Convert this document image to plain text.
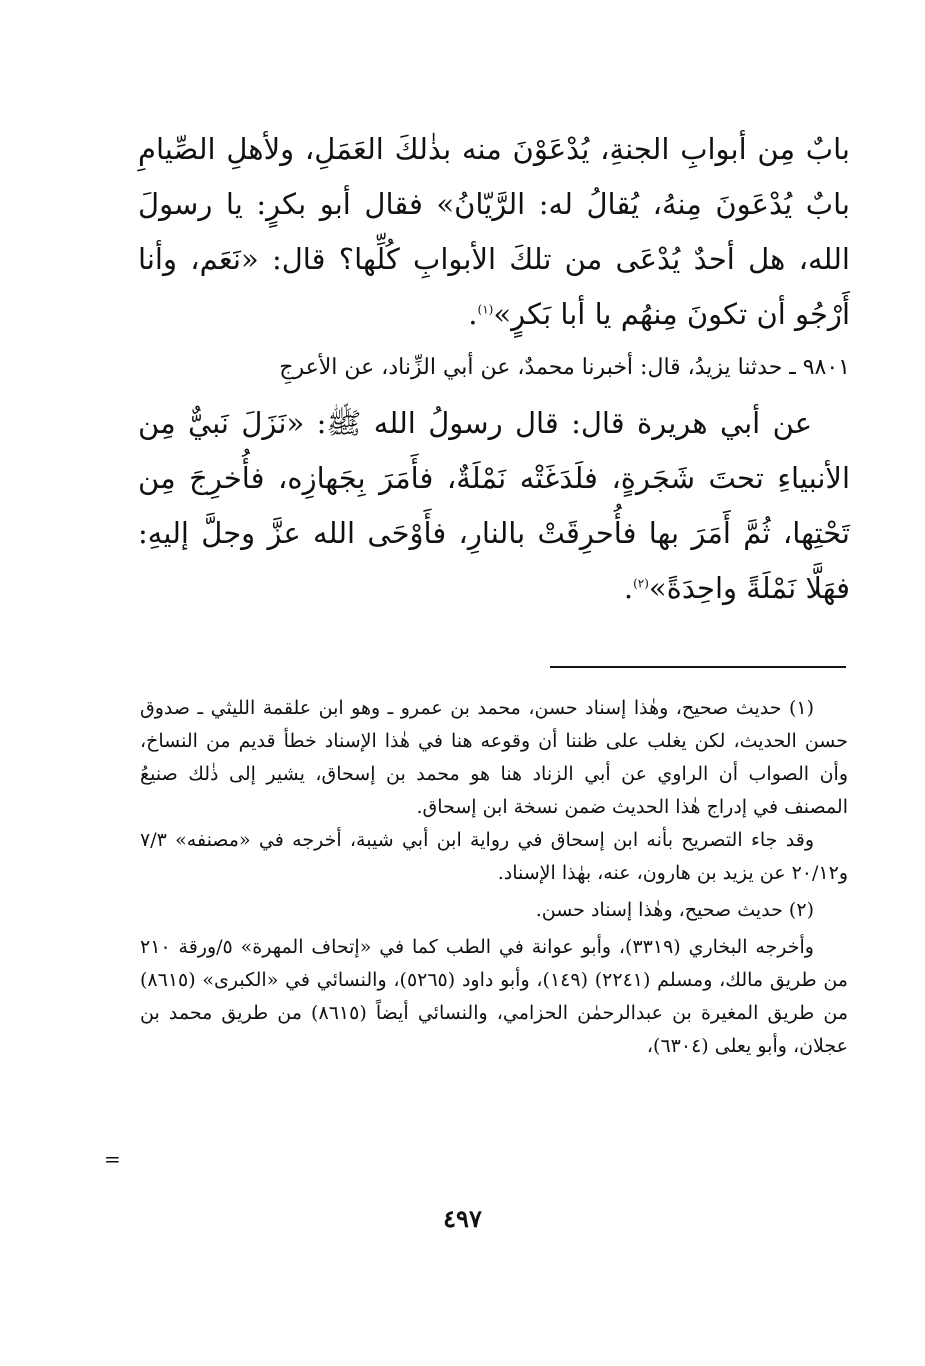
بابٌ مِن أبوابِ الجنةِ، يُدْعَوْنَ منه بذٰلكَ العَمَلِ، ولأهلِ الصِّيامِ بابٌ يُدْعَونَ مِنهُ، يُقالُ له: الرَّيّانُ» فقال أبو بكرٍ: يا رسولَ الله، هل أحدٌ يُدْعَى من تلكَ الأبوابِ كُلِّها؟ قال: «نَعَم، وأنا أَرْجُو أن تكونَ مِنهُم يا أبا بَكرٍ»$^{(١)}$.

٩٨٠١ ـ حدثنا يزيدُ، قال: أخبرنا محمدٌ، عن أبي الزِّناد، عن الأعرجِ

عن أبي هريرة قال: قال رسولُ الله ﷺ: «نَزَلَ نَبيٌّ مِن الأنبياءِ تحتَ شَجَرةٍ، فلَدَغَتْه نَمْلَةٌ، فأَمَرَ بِجَهازِه، فأُخرِجَ مِن تَحْتِها، ثُمَّ أَمَرَ بها فأُحرِقَتْ بالنارِ، فأَوْحَى الله عزَّ وجلَّ إليهِ: فهَلَّا نَمْلَةً واحِدَةً»$^{(٢)}$.

(١) حديث صحيح، وهٰذا إسناد حسن، محمد بن عمرو ـ وهو ابن علقمة الليثي ـ صدوق حسن الحديث، لكن يغلب على ظننا أن وقوعه هنا في هٰذا الإسناد خطأ قديم من النساخ، وأن الصواب أن الراوي عن أبي الزناد هنا هو محمد بن إسحاق، يشير إلى ذٰلك صنيعُ المصنف في إدراج هٰذا الحديث ضمن نسخة ابن إسحاق.

وقد جاء التصريح بأنه ابن إسحاق في رواية ابن أبي شيبة، أخرجه في «مصنفه» ٧/٣ و٢٠/١٢ عن يزيد بن هارون، عنه، بهٰذا الإسناد.

(٢) حديث صحيح، وهٰذا إسناد حسن.

وأخرجه البخاري (٣٣١٩)، وأبو عوانة في الطب كما في «إتحاف المهرة» ٥/ورقة ٢١٠ من طريق مالك، ومسلم (٢٢٤١) (١٤٩)، وأبو داود (٥٢٦٥)، والنسائي في «الكبرى» (٨٦١٥) من طريق المغيرة بن عبدالرحمٰن الحزامي، والنسائي أيضاً (٨٦١٥) من طريق محمد بن عجلان، وأبو يعلى (٦٣٠٤)،

=
٤٩٧
